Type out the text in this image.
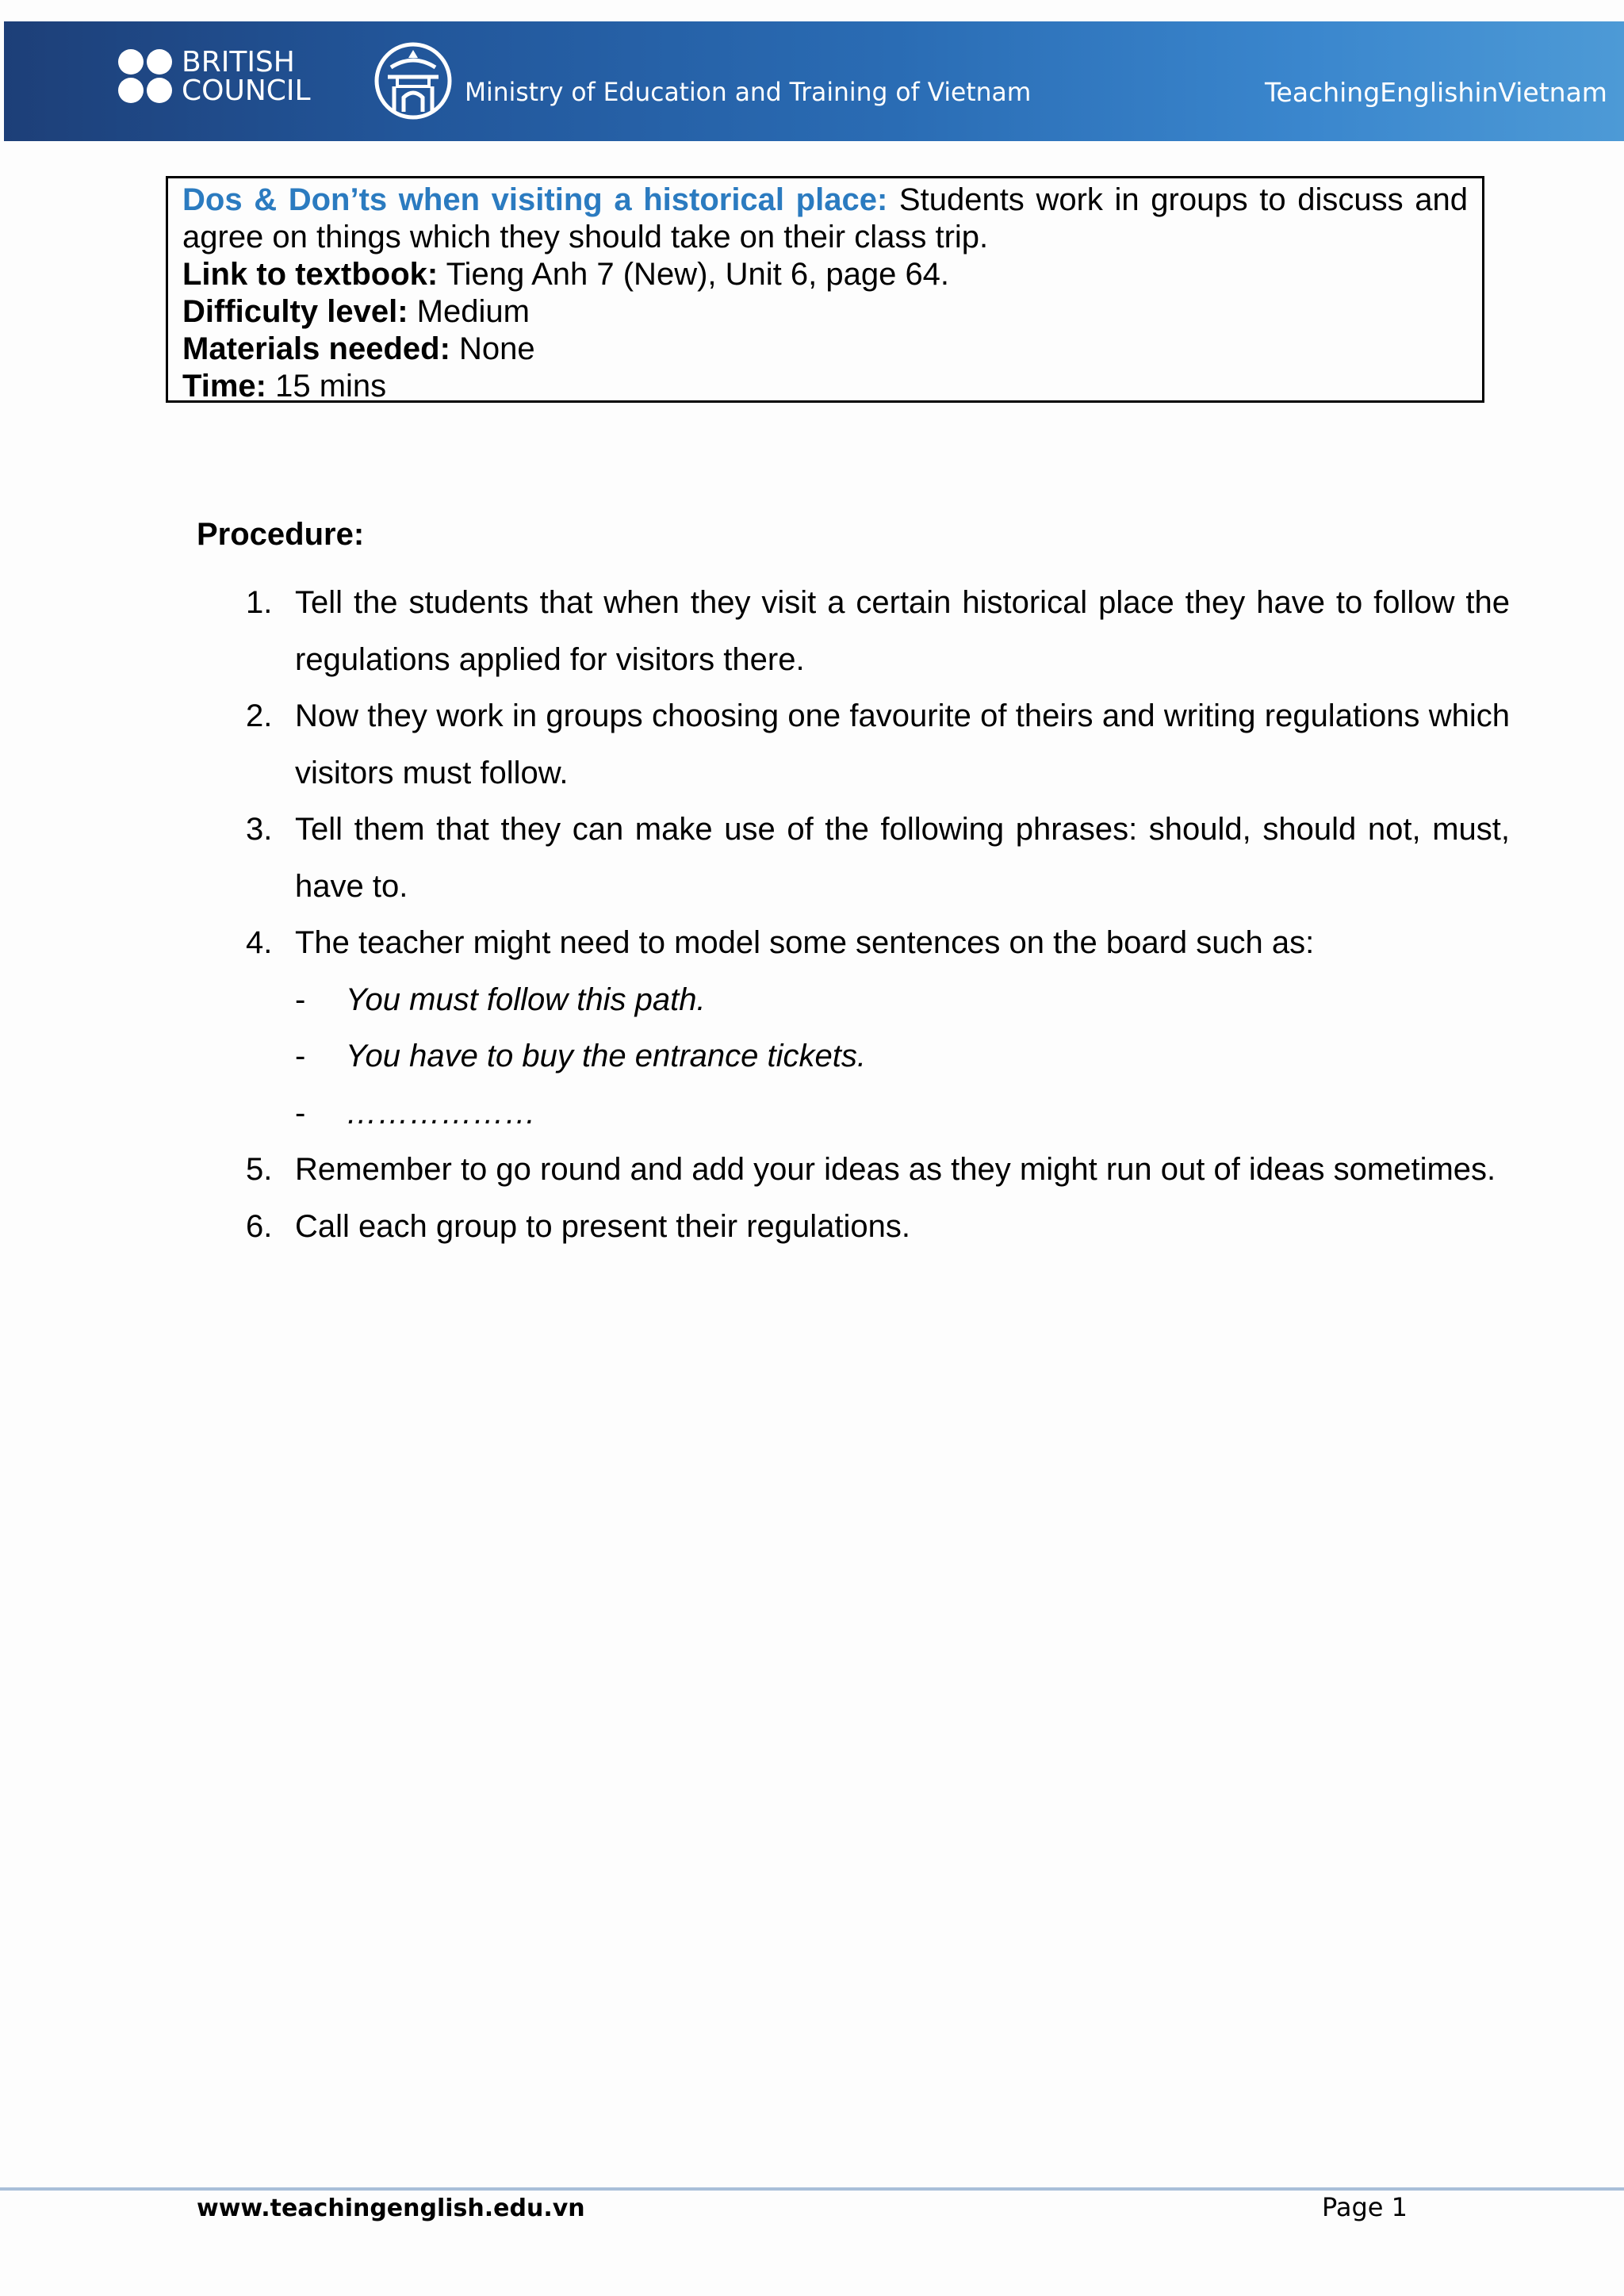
BRITISH
COUNCIL	Ministry of Education and Training of Vietnam	TeachingEnglishinVietnam
Dos & Don’ts when visiting a historical place: Students work in groups to discuss and agree on things which they should take on their class trip.
Link to textbook: Tieng Anh 7 (New), Unit 6, page 64.
Difficulty level: Medium
Materials needed: None
Time: 15 mins
Procedure:
1. Tell the students that when they visit a certain historical place they have to follow the regulations applied for visitors there.
2. Now they work in groups choosing one favourite of theirs and writing regulations which visitors must follow.
3. Tell them that they can make use of the following phrases: should, should not, must, have to.
4. The teacher might need to model some sentences on the board such as:
- You must follow this path.
- You have to buy the entrance tickets.
- ………………
5. Remember to go round and add your ideas as they might run out of ideas sometimes.
6. Call each group to present their regulations.
www.teachingenglish.edu.vn	Page 1
